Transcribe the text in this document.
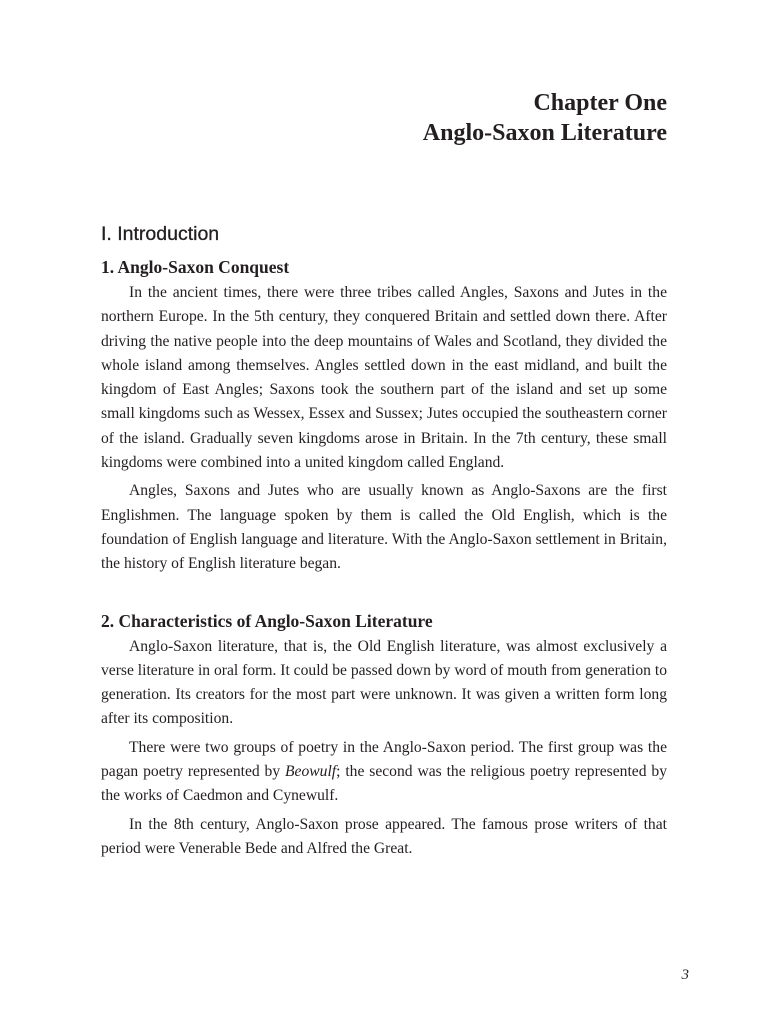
Chapter One
Anglo-Saxon Literature
I. Introduction
1. Anglo-Saxon Conquest

In the ancient times, there were three tribes called Angles, Saxons and Jutes in the northern Europe. In the 5th century, they conquered Britain and settled down there. After driving the native people into the deep mountains of Wales and Scotland, they divided the whole island among themselves. Angles settled down in the east midland, and built the kingdom of East Angles; Saxons took the southern part of the island and set up some small kingdoms such as Wessex, Essex and Sussex; Jutes occupied the southeastern corner of the island. Gradually seven kingdoms arose in Britain. In the 7th century, these small kingdoms were combined into a united kingdom called England.

Angles, Saxons and Jutes who are usually known as Anglo-Saxons are the first Englishmen. The language spoken by them is called the Old English, which is the foundation of English language and literature. With the Anglo-Saxon settlement in Britain, the history of English literature began.

2. Characteristics of Anglo-Saxon Literature

Anglo-Saxon literature, that is, the Old English literature, was almost exclusively a verse literature in oral form. It could be passed down by word of mouth from generation to generation. Its creators for the most part were unknown. It was given a written form long after its composition.

There were two groups of poetry in the Anglo-Saxon period. The first group was the pagan poetry represented by Beowulf; the second was the religious poetry represented by the works of Caedmon and Cynewulf.

In the 8th century, Anglo-Saxon prose appeared. The famous prose writers of that period were Venerable Bede and Alfred the Great.

3
